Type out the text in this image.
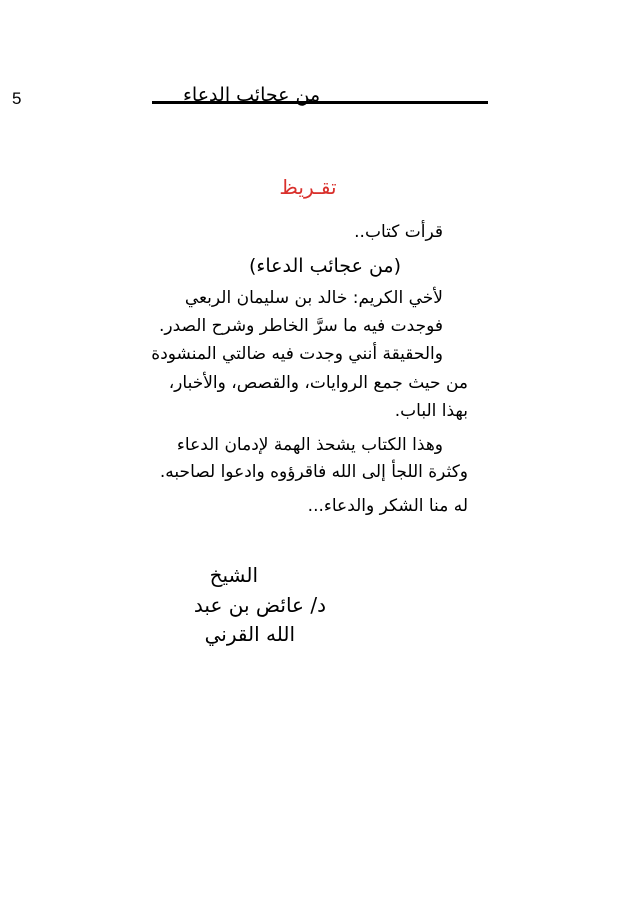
5	من عجائب الدعاء
تقـريظ
قرأت كتاب..
(من عجائب الدعاء)
لأخي الكريم: خالد بن سليمان الربعي
فوجدت فيه ما سرَّ الخاطر وشرح الصدر.
والحقيقة أنني وجدت فيه ضالتي المنشودة
من حيث جمع الروايات، والقصص، والأخبار،
بهذا الباب.
وهذا الكتاب يشحذ الهمة لإدمان الدعاء
وكثرة اللجأ إلى الله فاقرؤوه وادعوا لصاحبه.
له منا الشكر والدعاء...
الشيخ
د/ عائض بن عبد
الله القرني
